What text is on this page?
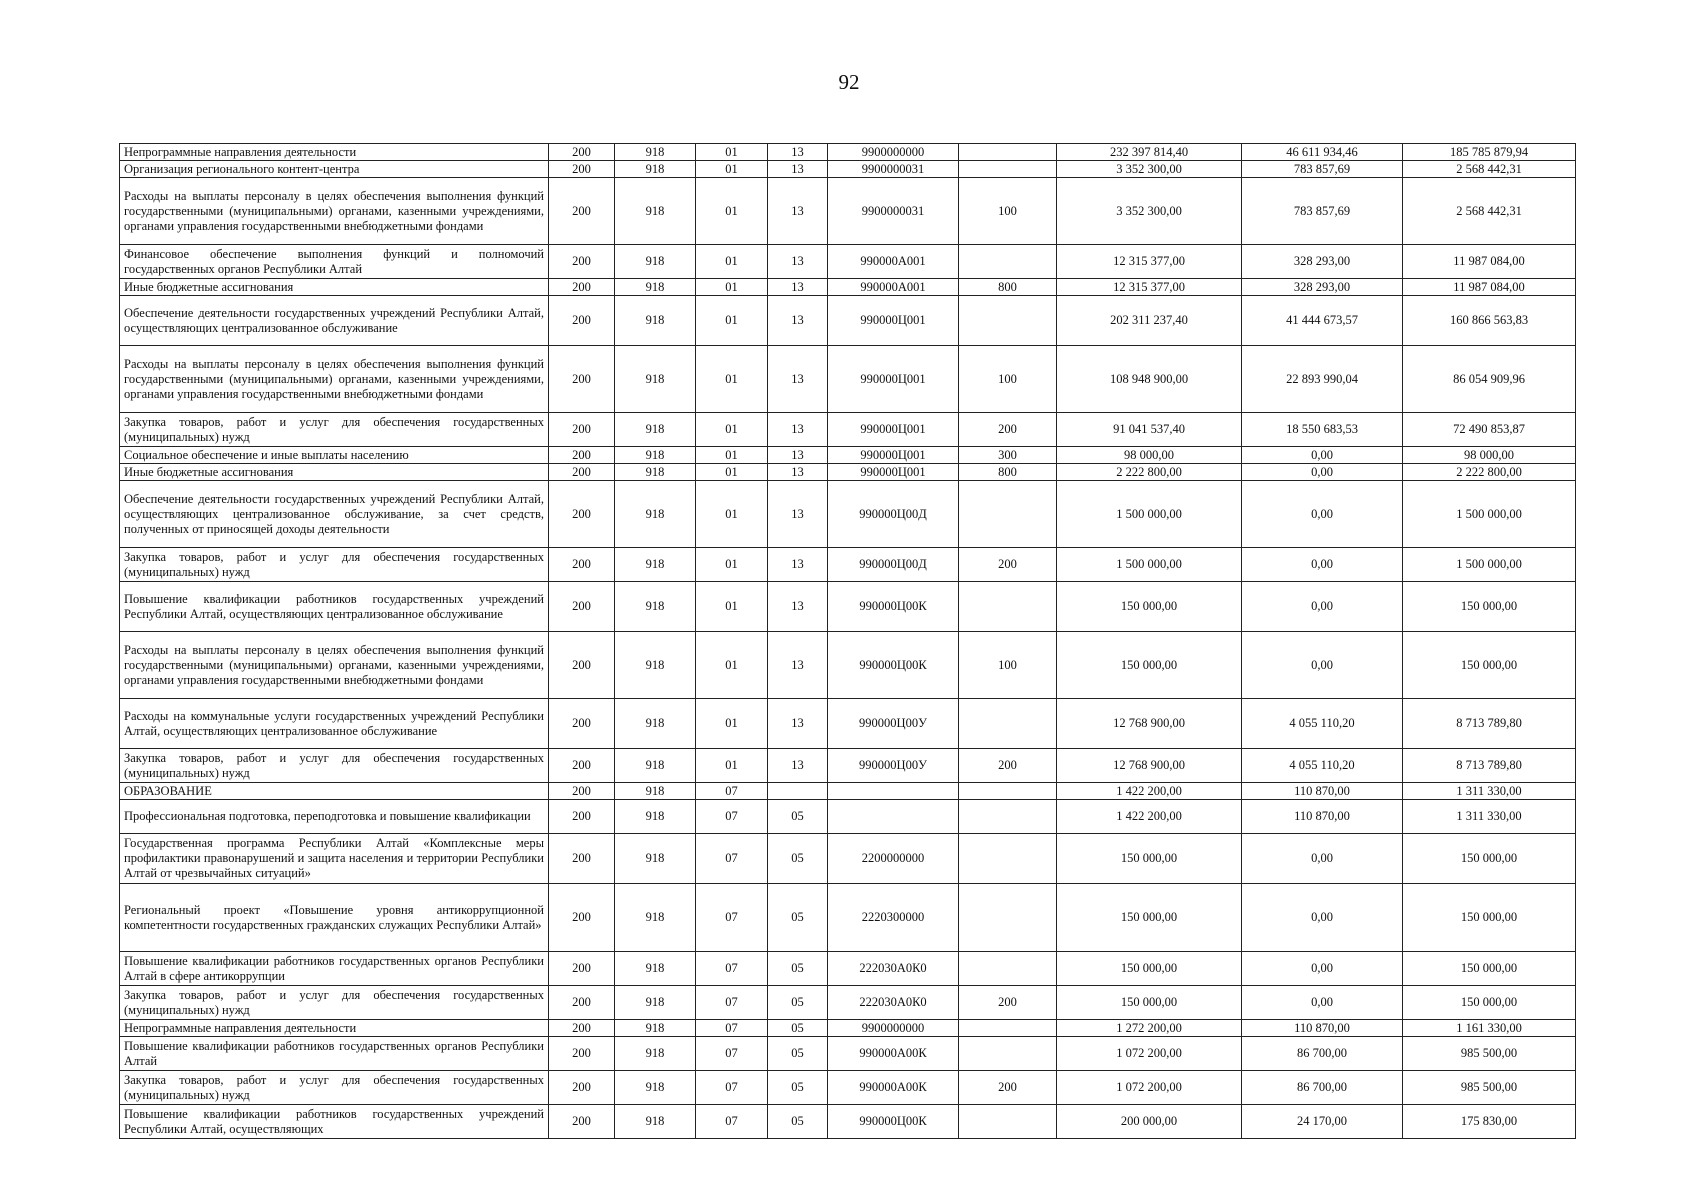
92
Непрограммные направления деятельности	200	918	01	13	9900000000		232 397 814,40	46 611 934,46	185 785 879,94
Организация регионального контент-центра	200	918	01	13	9900000031		3 352 300,00	783 857,69	2 568 442,31
Расходы на выплаты персоналу в целях обеспечения выполнения функций государственными (муниципальными) органами, казенными учреждениями, органами управления государственными внебюджетными фондами	200	918	01	13	9900000031	100	3 352 300,00	783 857,69	2 568 442,31
Финансовое обеспечение выполнения функций и полномочий государственных органов Республики Алтай	200	918	01	13	990000А001		12 315 377,00	328 293,00	11 987 084,00
Иные бюджетные ассигнования	200	918	01	13	990000А001	800	12 315 377,00	328 293,00	11 987 084,00
Обеспечение деятельности государственных учреждений Республики Алтай, осуществляющих централизованное обслуживание	200	918	01	13	990000Ц001		202 311 237,40	41 444 673,57	160 866 563,83
Расходы на выплаты персоналу в целях обеспечения выполнения функций государственными (муниципальными) органами, казенными учреждениями, органами управления государственными внебюджетными фондами	200	918	01	13	990000Ц001	100	108 948 900,00	22 893 990,04	86 054 909,96
Закупка товаров, работ и услуг для обеспечения государственных (муниципальных) нужд	200	918	01	13	990000Ц001	200	91 041 537,40	18 550 683,53	72 490 853,87
Социальное обеспечение и иные выплаты населению	200	918	01	13	990000Ц001	300	98 000,00	0,00	98 000,00
Иные бюджетные ассигнования	200	918	01	13	990000Ц001	800	2 222 800,00	0,00	2 222 800,00
Обеспечение деятельности государственных учреждений Республики Алтай, осуществляющих централизованное обслуживание, за счет средств, полученных от приносящей доходы деятельности	200	918	01	13	990000Ц00Д		1 500 000,00	0,00	1 500 000,00
Закупка товаров, работ и услуг для обеспечения государственных (муниципальных) нужд	200	918	01	13	990000Ц00Д	200	1 500 000,00	0,00	1 500 000,00
Повышение квалификации работников государственных учреждений Республики Алтай, осуществляющих централизованное обслуживание	200	918	01	13	990000Ц00К		150 000,00	0,00	150 000,00
Расходы на выплаты персоналу в целях обеспечения выполнения функций государственными (муниципальными) органами, казенными учреждениями, органами управления государственными внебюджетными фондами	200	918	01	13	990000Ц00К	100	150 000,00	0,00	150 000,00
Расходы на коммунальные услуги государственных учреждений Республики Алтай, осуществляющих централизованное обслуживание	200	918	01	13	990000Ц00У		12 768 900,00	4 055 110,20	8 713 789,80
Закупка товаров, работ и услуг для обеспечения государственных (муниципальных) нужд	200	918	01	13	990000Ц00У	200	12 768 900,00	4 055 110,20	8 713 789,80
ОБРАЗОВАНИЕ	200	918	07				1 422 200,00	110 870,00	1 311 330,00
Профессиональная подготовка, переподготовка и повышение квалификации	200	918	07	05			1 422 200,00	110 870,00	1 311 330,00
Государственная программа Республики Алтай «Комплексные меры профилактики правонарушений и защита населения и территории Республики Алтай от чрезвычайных ситуаций»	200	918	07	05	2200000000		150 000,00	0,00	150 000,00
Региональный проект «Повышение уровня антикоррупционной компетентности государственных гражданских служащих Республики Алтай»	200	918	07	05	2220300000		150 000,00	0,00	150 000,00
Повышение квалификации работников государственных органов Республики Алтай в сфере антикоррупции	200	918	07	05	222030А0К0		150 000,00	0,00	150 000,00
Закупка товаров, работ и услуг для обеспечения государственных (муниципальных) нужд	200	918	07	05	222030А0К0	200	150 000,00	0,00	150 000,00
Непрограммные направления деятельности	200	918	07	05	9900000000		1 272 200,00	110 870,00	1 161 330,00
Повышение квалификации работников государственных органов Республики Алтай	200	918	07	05	990000А00К		1 072 200,00	86 700,00	985 500,00
Закупка товаров, работ и услуг для обеспечения государственных (муниципальных) нужд	200	918	07	05	990000А00К	200	1 072 200,00	86 700,00	985 500,00
Повышение квалификации работников государственных учреждений Республики Алтай, осуществляющих	200	918	07	05	990000Ц00К		200 000,00	24 170,00	175 830,00
